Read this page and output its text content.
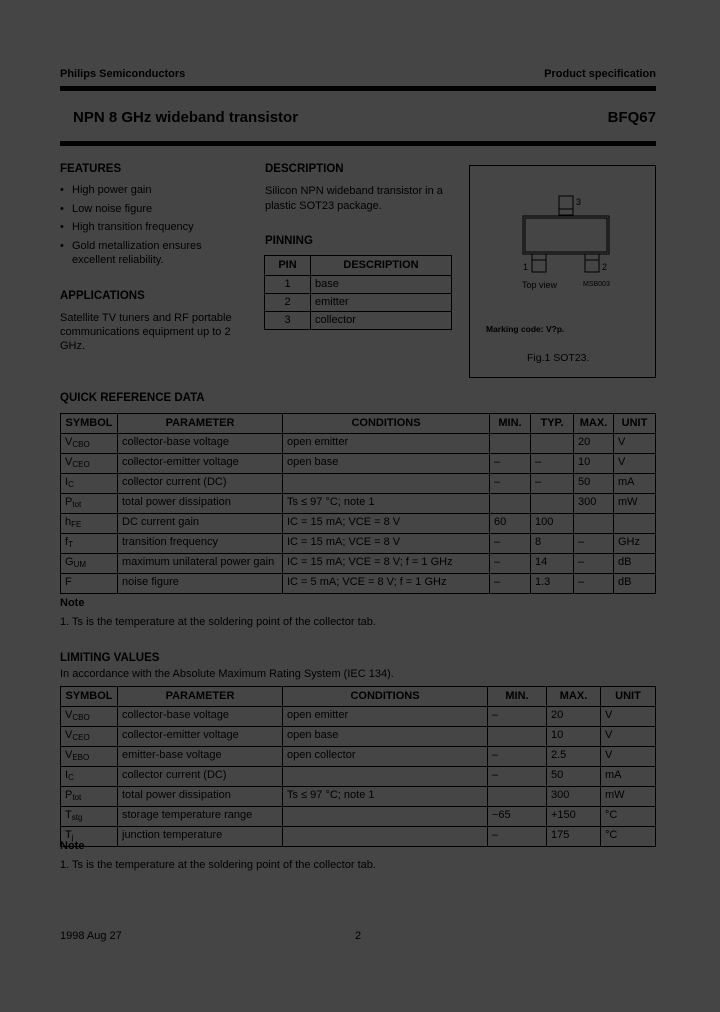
Philips Semiconductors	Product specification
NPN 8 GHz wideband transistor	BFQ67
FEATURES
• High power gain
• Low noise figure
• High transition frequency
• Gold metallization ensures excellent reliability.
APPLICATIONS
Satellite TV tuners and RF portable communications equipment up to 2 GHz.
DESCRIPTION
Silicon NPN wideband transistor in a plastic SOT23 package.
PINNING
PIN	DESCRIPTION
1	base
2	emitter
3	collector
3
1	2
Top view	MSB003
Marking code: V?p.
Fig.1 SOT23.
QUICK REFERENCE DATA
SYMBOL	PARAMETER	CONDITIONS	MIN.	TYP.	MAX.	UNIT
$V_{CBO}$	collector-base voltage	open emitter			20	V
$V_{CEO}$	collector-emitter voltage	open base	–	–	10	V
$I_C$	collector current (DC)		–	–	50	mA
$P_{tot}$	total power dissipation	Ts ≤ 97 °C; note 1			300	mW
$h_{FE}$	DC current gain	IC = 15 mA; VCE = 8 V	60	100		
$f_T$	transition frequency	IC = 15 mA; VCE = 8 V	–	8	–	GHz
$G_{UM}$	maximum unilateral power gain	IC = 15 mA; VCE = 8 V; f = 1 GHz	–	14	–	dB
F	noise figure	IC = 5 mA; VCE = 8 V; f = 1 GHz	–	1.3	–	dB
Note
1. Ts is the temperature at the soldering point of the collector tab.
LIMITING VALUES
In accordance with the Absolute Maximum Rating System (IEC 134).
SYMBOL	PARAMETER	CONDITIONS	MIN.	MAX.	UNIT
$V_{CBO}$	collector-base voltage	open emitter	–	20	V
$V_{CEO}$	collector-emitter voltage	open base		10	V
$V_{EBO}$	emitter-base voltage	open collector	–	2.5	V
$I_C$	collector current (DC)		–	50	mA
$P_{tot}$	total power dissipation	Ts ≤ 97 °C; note 1		300	mW
$T_{stg}$	storage temperature range		−65	+150	°C
$T_j$	junction temperature		–	175	°C
Note
1. Ts is the temperature at the soldering point of the collector tab.
1998 Aug 27	2
